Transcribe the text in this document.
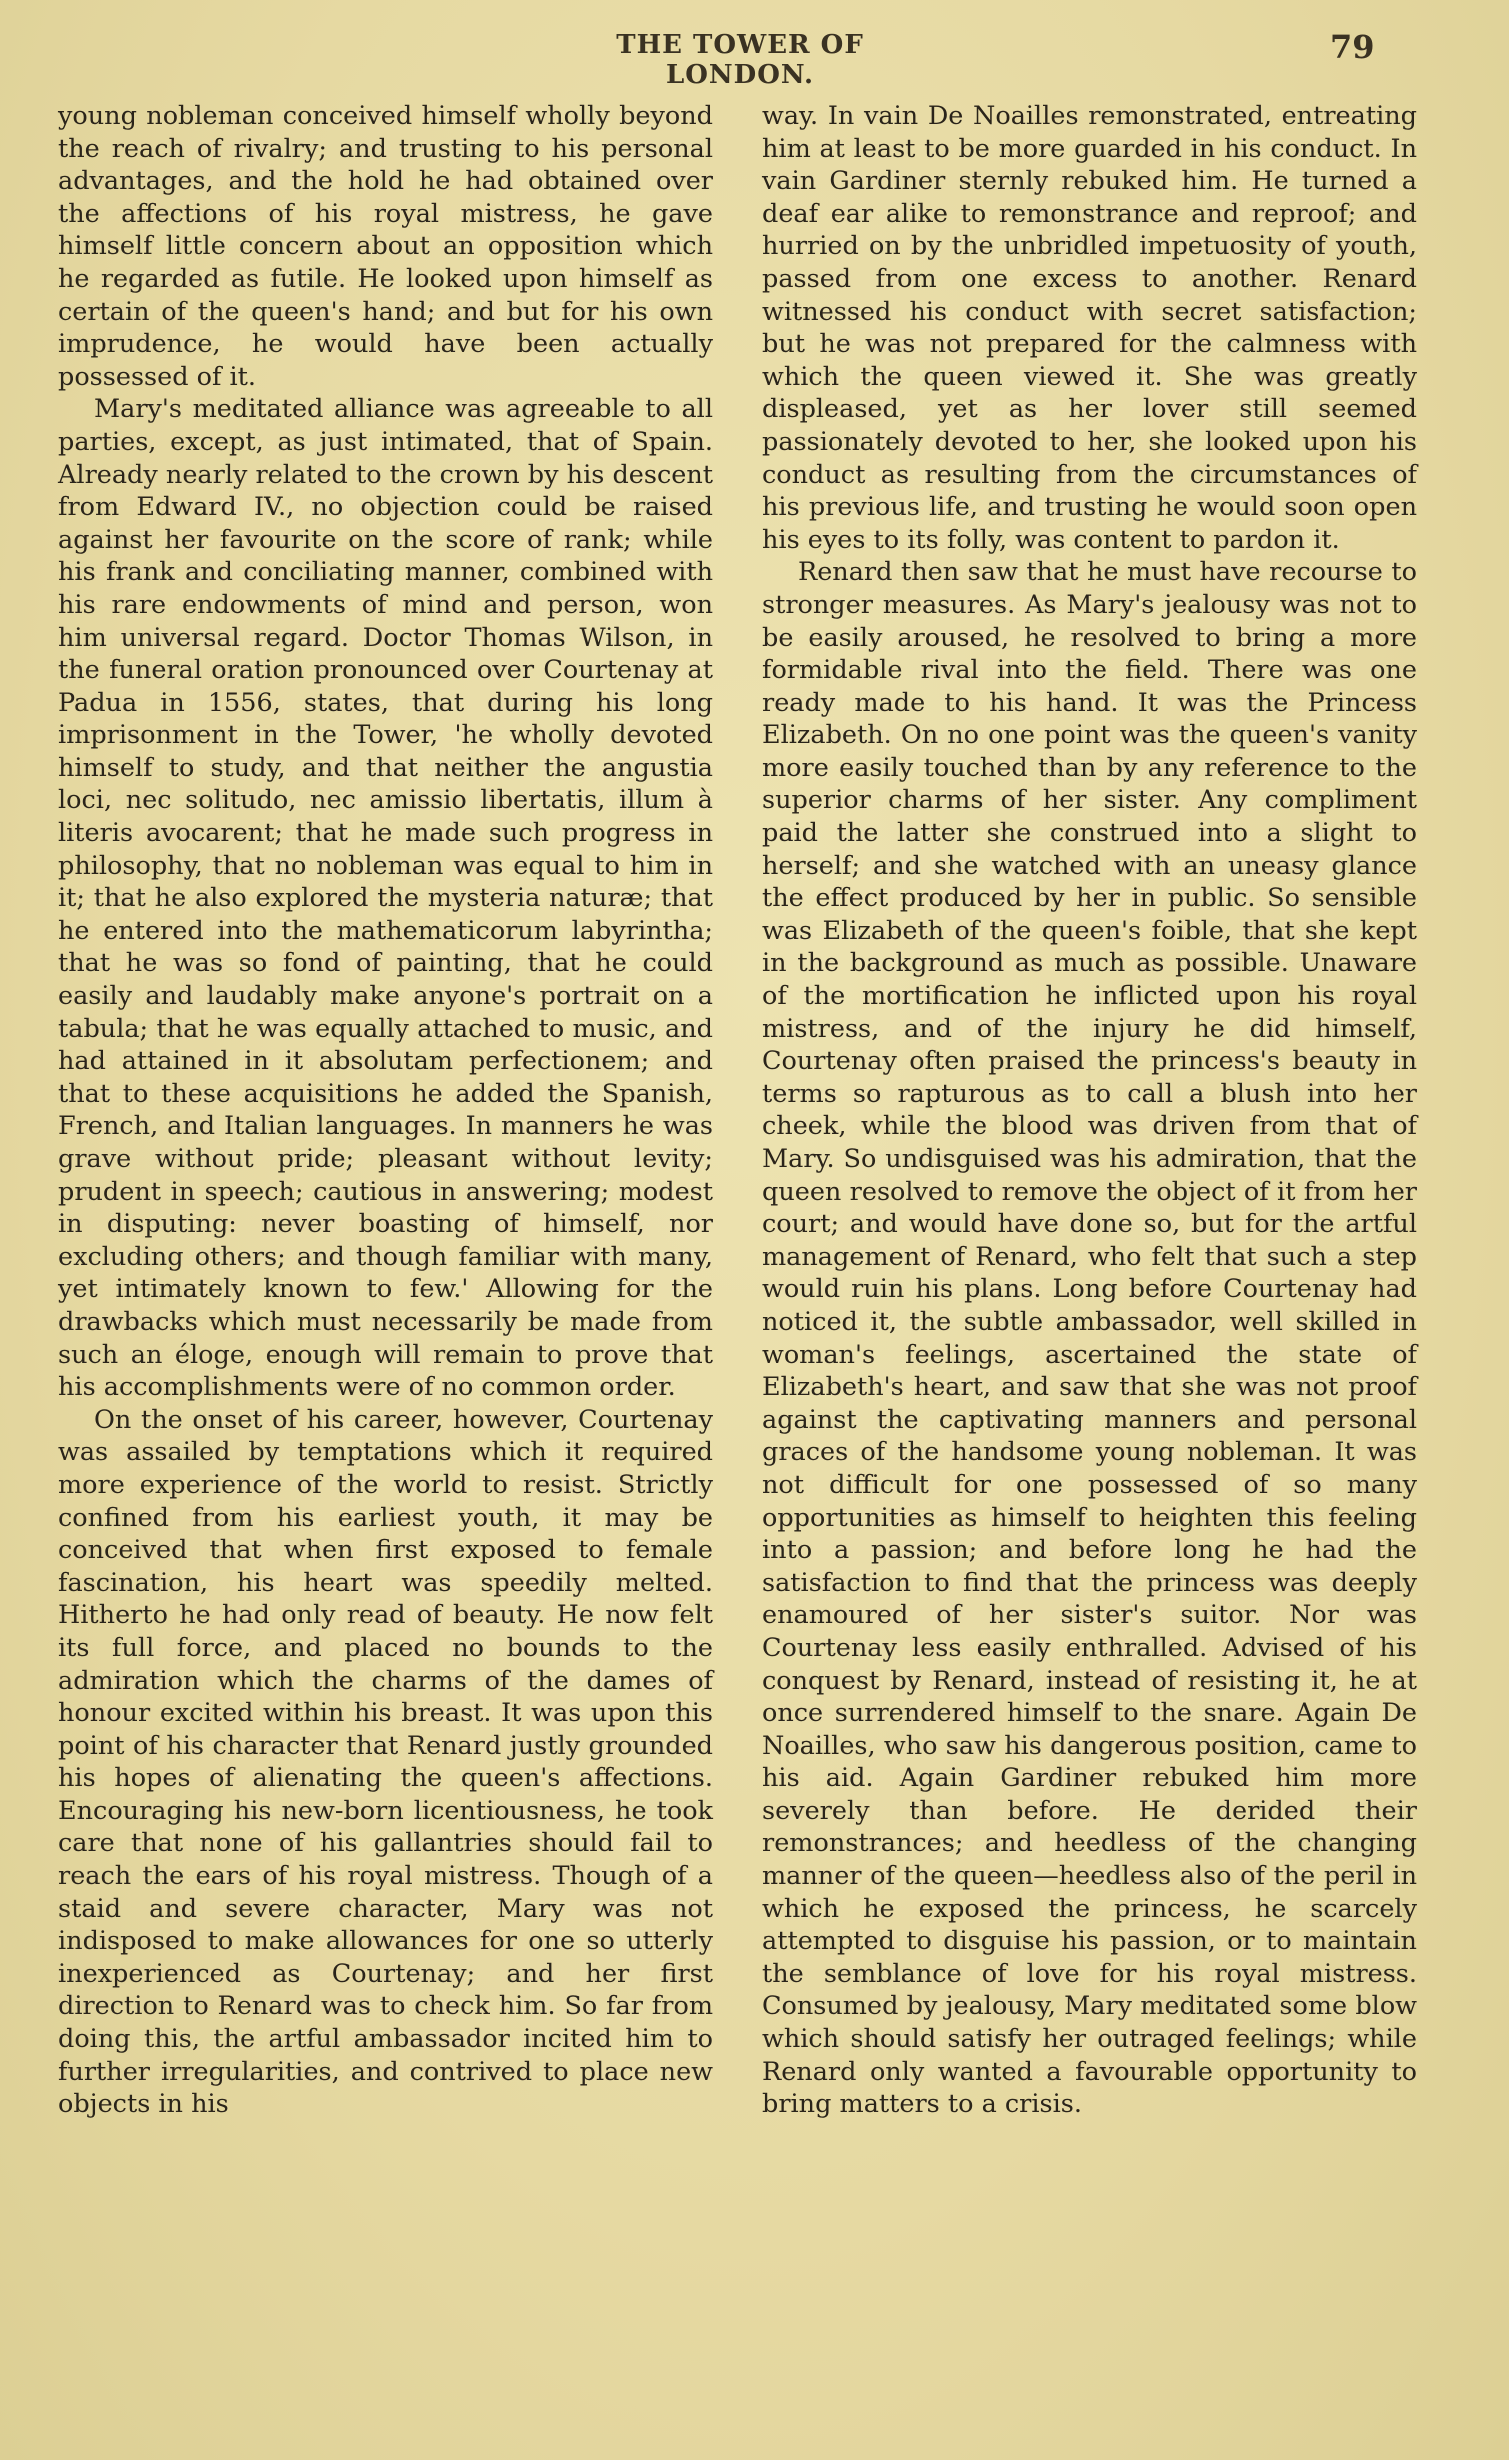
THE TOWER OF LONDON.
79

young nobleman conceived himself wholly beyond the reach of rivalry; and trusting to his personal advantages, and the hold he had obtained over the affections of his royal mistress, he gave himself little concern about an opposition which he regarded as futile. He looked upon himself as certain of the queen's hand; and but for his own imprudence, he would have been actually possessed of it.

Mary's meditated alliance was agreeable to all parties, except, as just intimated, that of Spain. Already nearly related to the crown by his descent from Edward IV., no objection could be raised against her favourite on the score of rank; while his frank and conciliating manner, combined with his rare endowments of mind and person, won him universal regard. Doctor Thomas Wilson, in the funeral oration pronounced over Courtenay at Padua in 1556, states, that during his long imprisonment in the Tower, 'he wholly devoted himself to study, and that neither the angustia loci, nec solitudo, nec amissio libertatis, illum à literis avocarent; that he made such progress in philosophy, that no nobleman was equal to him in it; that he also explored the mysteria naturæ; that he entered into the mathematicorum labyrintha; that he was so fond of painting, that he could easily and laudably make anyone's portrait on a tabula; that he was equally attached to music, and had attained in it absolutam perfectionem; and that to these acquisitions he added the Spanish, French, and Italian languages. In manners he was grave without pride; pleasant without levity; prudent in speech; cautious in answering; modest in disputing: never boasting of himself, nor excluding others; and though familiar with many, yet intimately known to few.' Allowing for the drawbacks which must necessarily be made from such an éloge, enough will remain to prove that his accomplishments were of no common order.

On the onset of his career, however, Courtenay was assailed by temptations which it required more experience of the world to resist. Strictly confined from his earliest youth, it may be conceived that when first exposed to female fascination, his heart was speedily melted. Hitherto he had only read of beauty. He now felt its full force, and placed no bounds to the admiration which the charms of the dames of honour excited within his breast. It was upon this point of his character that Renard justly grounded his hopes of alienating the queen's affections. Encouraging his new-born licentiousness, he took care that none of his gallantries should fail to reach the ears of his royal mistress. Though of a staid and severe character, Mary was not indisposed to make allowances for one so utterly inexperienced as Courtenay; and her first direction to Renard was to check him. So far from doing this, the artful ambassador incited him to further irregularities, and contrived to place new objects in his

way. In vain De Noailles remonstrated, entreating him at least to be more guarded in his conduct. In vain Gardiner sternly rebuked him. He turned a deaf ear alike to remonstrance and reproof; and hurried on by the unbridled impetuosity of youth, passed from one excess to another. Renard witnessed his conduct with secret satisfaction; but he was not prepared for the calmness with which the queen viewed it. She was greatly displeased, yet as her lover still seemed passionately devoted to her, she looked upon his conduct as resulting from the circumstances of his previous life, and trusting he would soon open his eyes to its folly, was content to pardon it.

Renard then saw that he must have recourse to stronger measures. As Mary's jealousy was not to be easily aroused, he resolved to bring a more formidable rival into the field. There was one ready made to his hand. It was the Princess Elizabeth. On no one point was the queen's vanity more easily touched than by any reference to the superior charms of her sister. Any compliment paid the latter she construed into a slight to herself; and she watched with an uneasy glance the effect produced by her in public. So sensible was Elizabeth of the queen's foible, that she kept in the background as much as possible. Unaware of the mortification he inflicted upon his royal mistress, and of the injury he did himself, Courtenay often praised the princess's beauty in terms so rapturous as to call a blush into her cheek, while the blood was driven from that of Mary. So undisguised was his admiration, that the queen resolved to remove the object of it from her court; and would have done so, but for the artful management of Renard, who felt that such a step would ruin his plans. Long before Courtenay had noticed it, the subtle ambassador, well skilled in woman's feelings, ascertained the state of Elizabeth's heart, and saw that she was not proof against the captivating manners and personal graces of the handsome young nobleman. It was not difficult for one possessed of so many opportunities as himself to heighten this feeling into a passion; and before long he had the satisfaction to find that the princess was deeply enamoured of her sister's suitor. Nor was Courtenay less easily enthralled. Advised of his conquest by Renard, instead of resisting it, he at once surrendered himself to the snare. Again De Noailles, who saw his dangerous position, came to his aid. Again Gardiner rebuked him more severely than before. He derided their remonstrances; and heedless of the changing manner of the queen—heedless also of the peril in which he exposed the princess, he scarcely attempted to disguise his passion, or to maintain the semblance of love for his royal mistress. Consumed by jealousy, Mary meditated some blow which should satisfy her outraged feelings; while Renard only wanted a favourable opportunity to bring matters to a crisis.
